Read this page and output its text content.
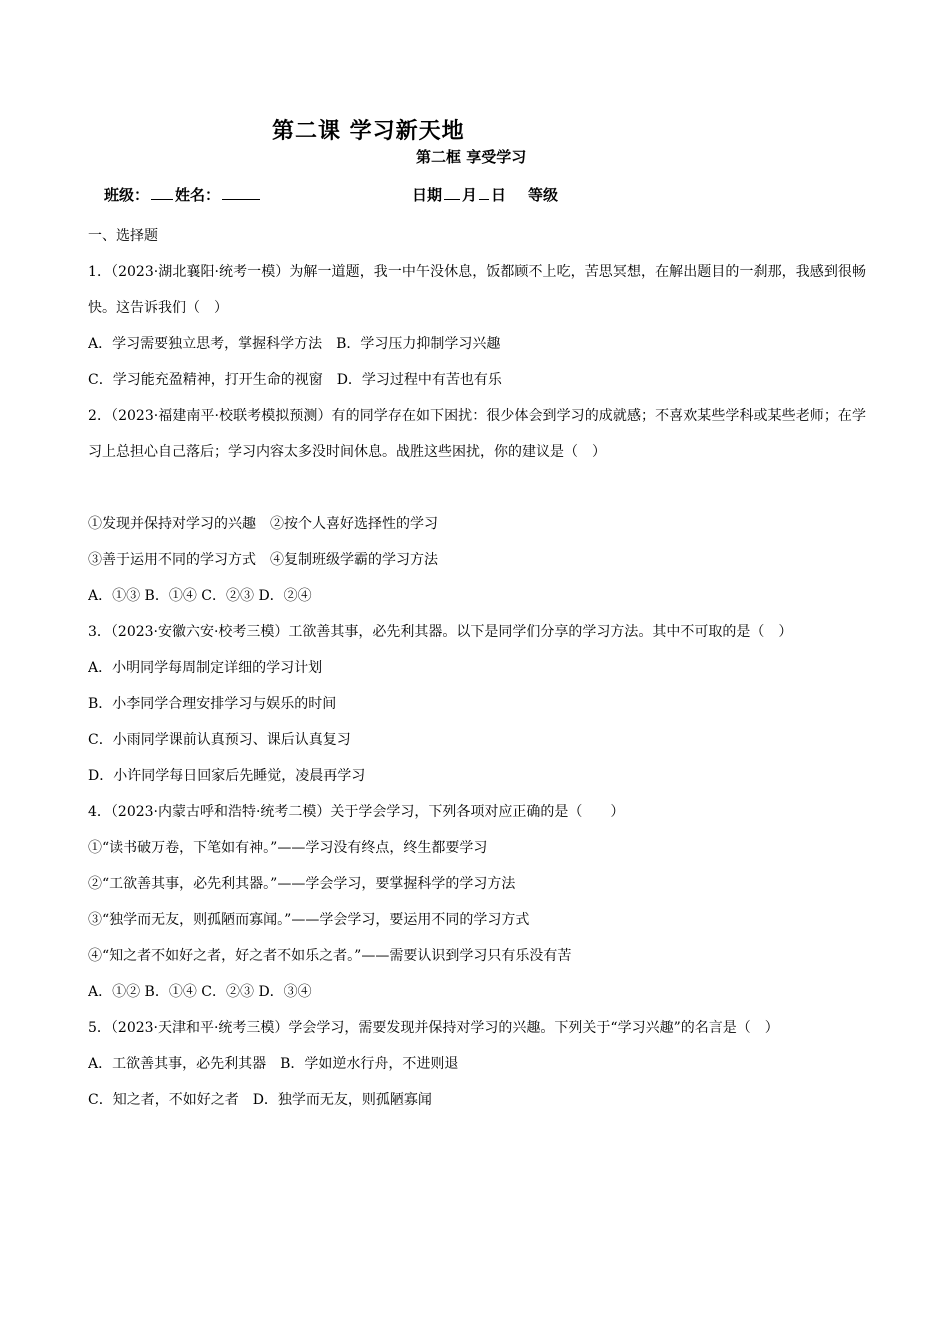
第二课 学习新天地
第二框 享受学习
班级： 姓名：	日期 月 日 等级
一、选择题
1．（2023·湖北襄阳·统考一模）为解一道题，我一中午没休息，饭都顾不上吃，苦思冥想，在解出题目的一刹那，我感到很畅快。这告诉我们（　）
A．学习需要独立思考，掌握科学方法　B．学习压力抑制学习兴趣
C．学习能充盈精神，打开生命的视窗　D．学习过程中有苦也有乐
2．（2023·福建南平·校联考模拟预测）有的同学存在如下困扰：很少体会到学习的成就感；不喜欢某些学科或某些老师；在学习上总担心自己落后；学习内容太多没时间休息。战胜这些困扰，你的建议是（　）
①发现并保持对学习的兴趣　②按个人喜好选择性的学习
③善于运用不同的学习方式　④复制班级学霸的学习方法
A．①③ B．①④ C．②③ D．②④
3．（2023·安徽六安·校考三模）工欲善其事，必先利其器。以下是同学们分享的学习方法。其中不可取的是（　）
A．小明同学每周制定详细的学习计划
B．小李同学合理安排学习与娱乐的时间
C．小雨同学课前认真预习、课后认真复习
D．小许同学每日回家后先睡觉，凌晨再学习
4．（2023·内蒙古呼和浩特·统考二模）关于学会学习，下列各项对应正确的是（　　）
①“读书破万卷，下笔如有神。”——学习没有终点，终生都要学习
②“工欲善其事，必先利其器。”——学会学习，要掌握科学的学习方法
③“独学而无友，则孤陋而寡闻。”——学会学习，要运用不同的学习方式
④“知之者不如好之者，好之者不如乐之者。”——需要认识到学习只有乐没有苦
A．①② B．①④ C．②③ D．③④
5．（2023·天津和平·统考三模）学会学习，需要发现并保持对学习的兴趣。下列关于“学习兴趣”的名言是（　）
A．工欲善其事，必先利其器　B．学如逆水行舟，不进则退
C．知之者，不如好之者　D．独学而无友，则孤陋寡闻
